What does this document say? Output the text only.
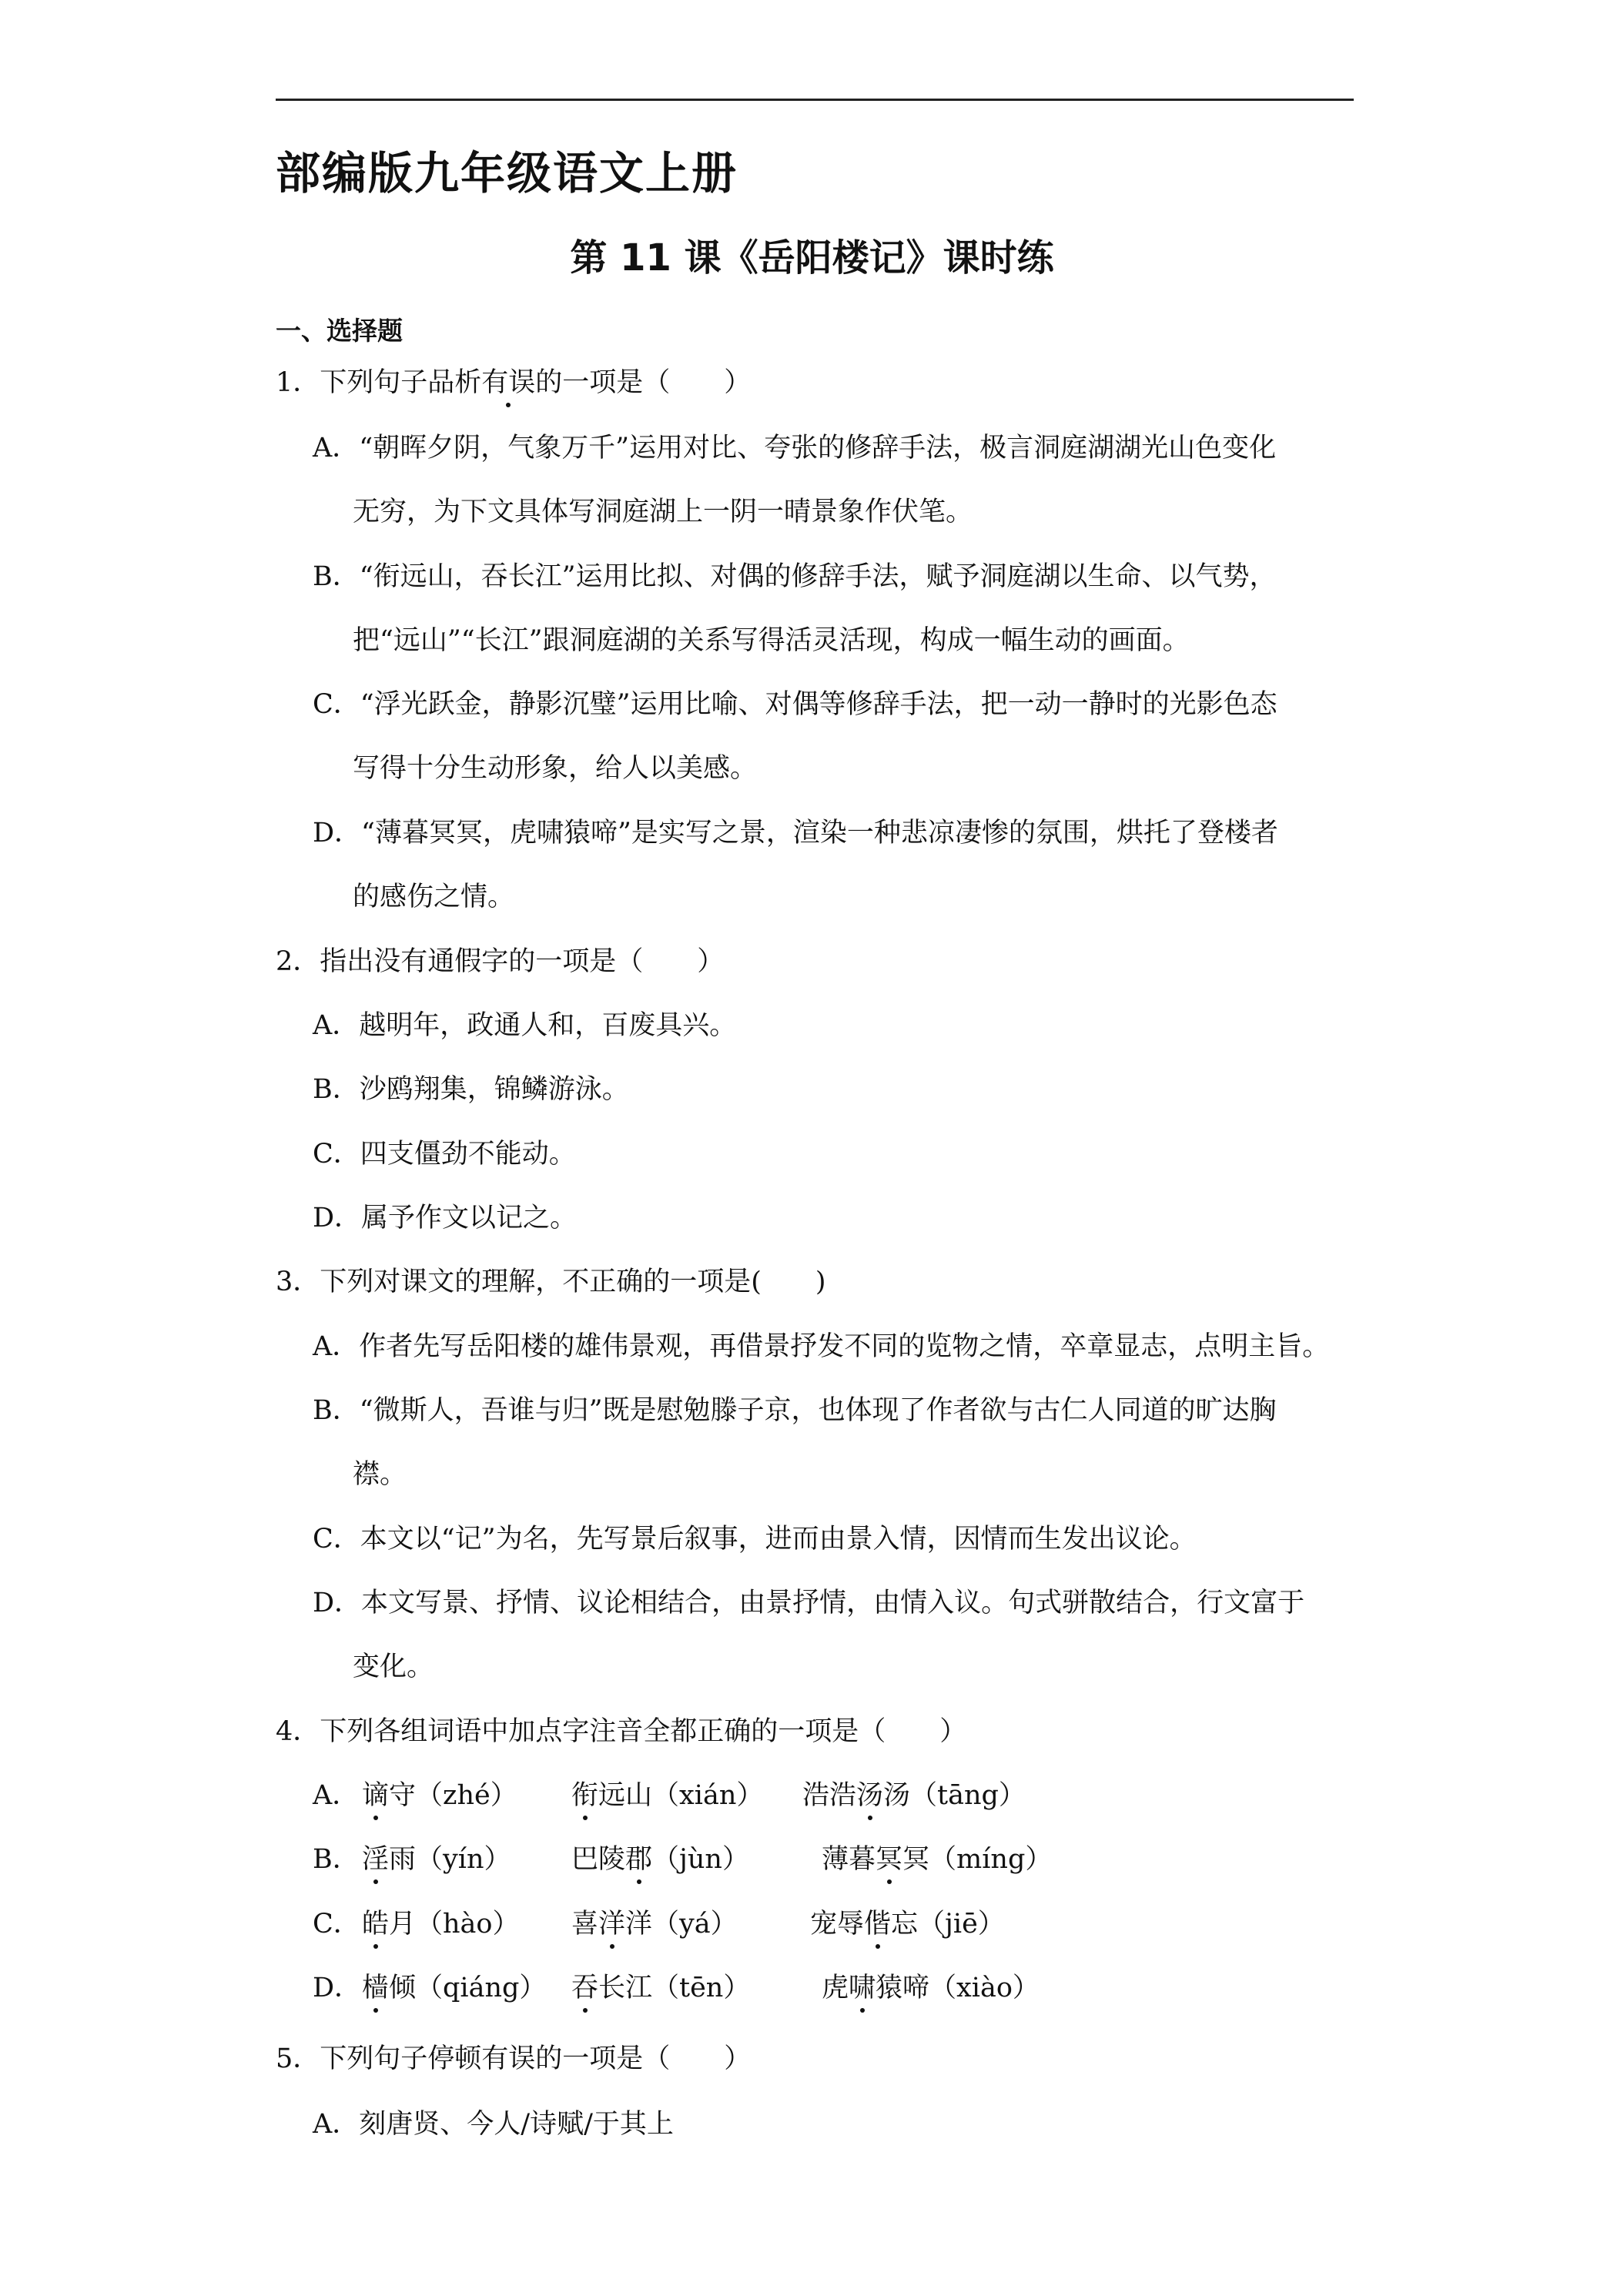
部编版九年级语文上册
第 11 课《岳阳楼记》课时练
一、选择题
1．下列句子品析有误的一项是（　　）
A．“朝晖夕阴，气象万千”运用对比、夸张的修辞手法，极言洞庭湖湖光山色变化
无穷，为下文具体写洞庭湖上一阴一晴景象作伏笔。
B．“衔远山，吞长江”运用比拟、对偶的修辞手法，赋予洞庭湖以生命、以气势，
把“远山”“长江”跟洞庭湖的关系写得活灵活现，构成一幅生动的画面。
C．“浮光跃金，静影沉璧”运用比喻、对偶等修辞手法，把一动一静时的光影色态
写得十分生动形象，给人以美感。
D．“薄暮冥冥，虎啸猿啼”是实写之景，渲染一种悲凉凄惨的氛围，烘托了登楼者
的感伤之情。
2．指出没有通假字的一项是（　　）
A．越明年，政通人和，百废具兴。
B．沙鸥翔集，锦鳞游泳。
C．四支僵劲不能动。
D．属予作文以记之。
3．下列对课文的理解，不正确的一项是(　　)
A．作者先写岳阳楼的雄伟景观，再借景抒发不同的览物之情，卒章显志，点明主旨。
B．“微斯人，吾谁与归”既是慰勉滕子京，也体现了作者欲与古仁人同道的旷达胸
襟。
C．本文以“记”为名，先写景后叙事，进而由景入情，因情而生发出议论。
D．本文写景、抒情、议论相结合，由景抒情，由情入议。句式骈散结合，行文富于
变化。
4．下列各组词语中加点字注音全都正确的一项是（　　）
A． 谪守（zhé） 衔远山（xián） 浩浩汤汤（tāng）
B．淫雨（yín） 巴陵郡（jùn）	薄暮冥冥（míng）
C．皓月（hào） 喜洋洋（yá）	宠辱偕忘（jiē）
D．樯倾（qiáng） 吞长江（tēn）	虎啸猿啼（xiào）
5．下列句子停顿有误的一项是（　　）
A．刻唐贤、今人/诗赋/于其上
